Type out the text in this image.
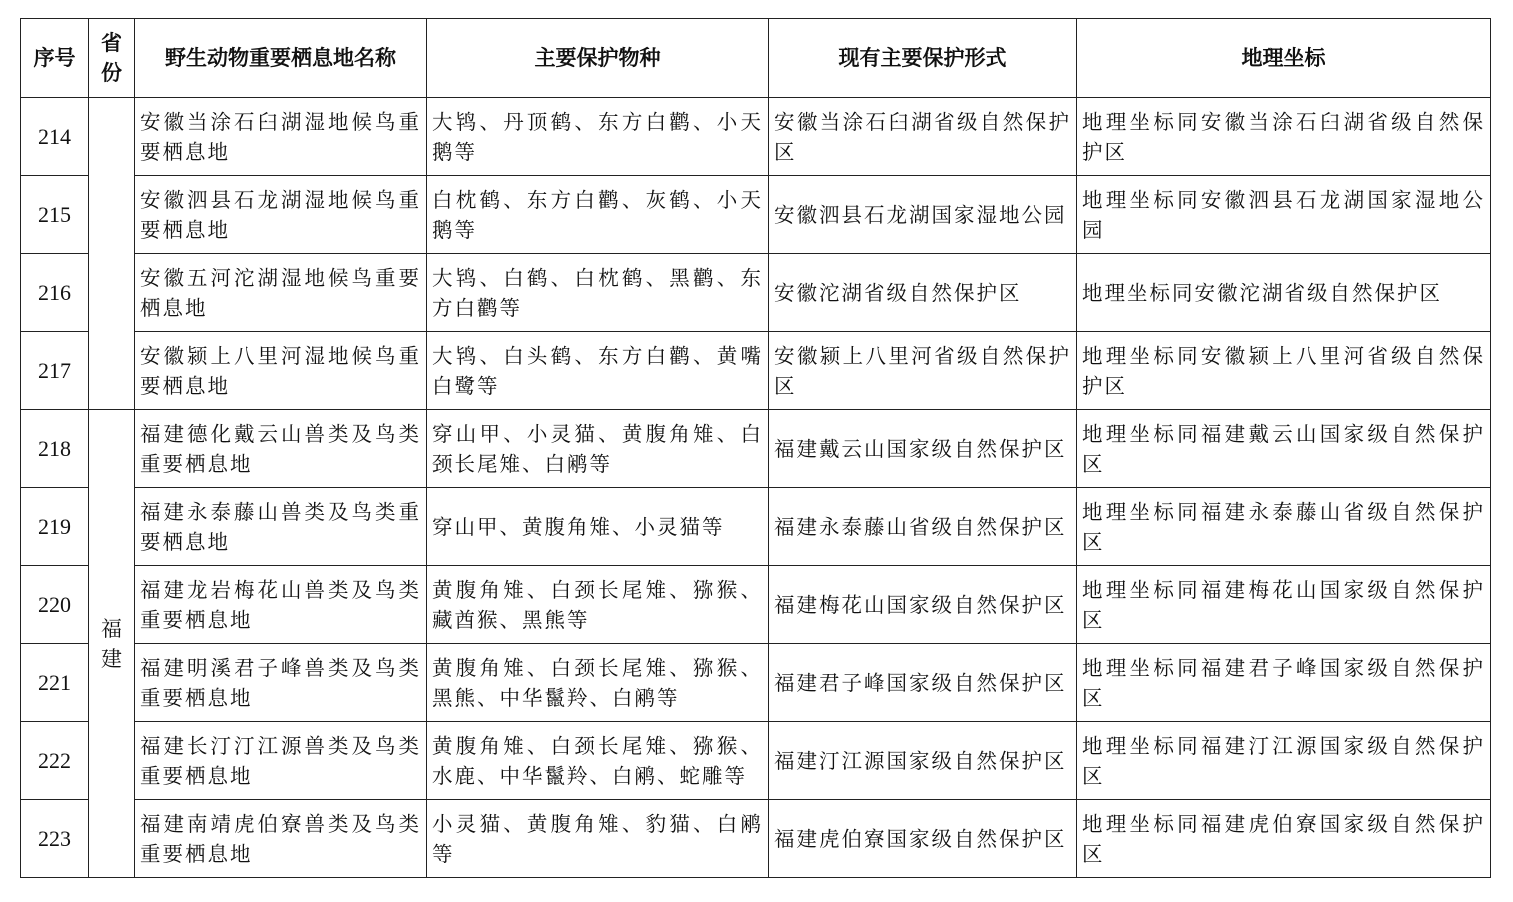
序号	省份	野生动物重要栖息地名称	主要保护物种	现有主要保护形式	地理坐标
214		安徽当涂石臼湖湿地候鸟重要栖息地	大鸨、丹顶鹤、东方白鹳、小天鹅等	安徽当涂石臼湖省级自然保护区	地理坐标同安徽当涂石臼湖省级自然保护区
215		安徽泗县石龙湖湿地候鸟重要栖息地	白枕鹤、东方白鹳、灰鹤、小天鹅等	安徽泗县石龙湖国家湿地公园	地理坐标同安徽泗县石龙湖国家湿地公园
216		安徽五河沱湖湿地候鸟重要栖息地	大鸨、白鹤、白枕鹤、黑鹳、东方白鹳等	安徽沱湖省级自然保护区	地理坐标同安徽沱湖省级自然保护区
217		安徽颍上八里河湿地候鸟重要栖息地	大鸨、白头鹤、东方白鹳、黄嘴白鹭等	安徽颍上八里河省级自然保护区	地理坐标同安徽颍上八里河省级自然保护区
218	福建	福建德化戴云山兽类及鸟类重要栖息地	穿山甲、小灵猫、黄腹角雉、白颈长尾雉、白鹇等	福建戴云山国家级自然保护区	地理坐标同福建戴云山国家级自然保护区
219		福建永泰藤山兽类及鸟类重要栖息地	穿山甲、黄腹角雉、小灵猫等	福建永泰藤山省级自然保护区	地理坐标同福建永泰藤山省级自然保护区
220		福建龙岩梅花山兽类及鸟类重要栖息地	黄腹角雉、白颈长尾雉、猕猴、藏酋猴、黑熊等	福建梅花山国家级自然保护区	地理坐标同福建梅花山国家级自然保护区
221		福建明溪君子峰兽类及鸟类重要栖息地	黄腹角雉、白颈长尾雉、猕猴、黑熊、中华鬣羚、白鹇等	福建君子峰国家级自然保护区	地理坐标同福建君子峰国家级自然保护区
222		福建长汀汀江源兽类及鸟类重要栖息地	黄腹角雉、白颈长尾雉、猕猴、水鹿、中华鬣羚、白鹇、蛇雕等	福建汀江源国家级自然保护区	地理坐标同福建汀江源国家级自然保护区
223		福建南靖虎伯寮兽类及鸟类重要栖息地	小灵猫、黄腹角雉、豹猫、白鹇等	福建虎伯寮国家级自然保护区	地理坐标同福建虎伯寮国家级自然保护区
